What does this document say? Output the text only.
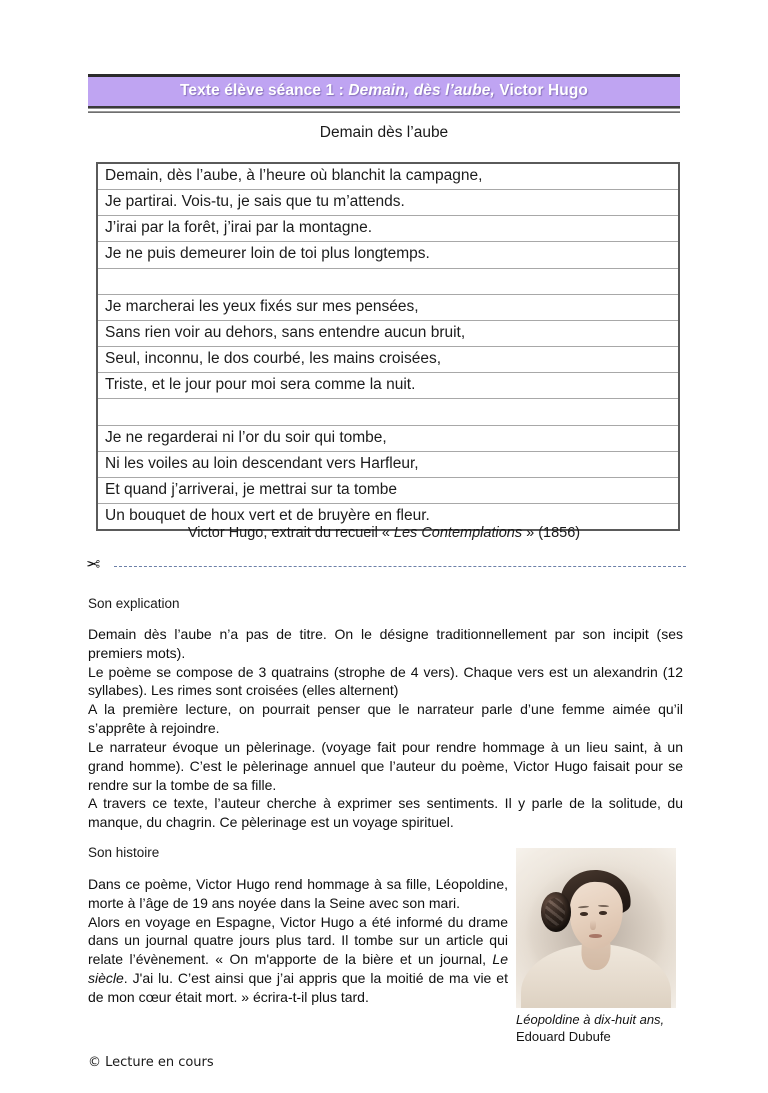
Texte élève séance 1 : Demain, dès l’aube, Victor Hugo
Demain dès l’aube
Demain, dès l’aube, à l’heure où blanchit la campagne,
Je partirai. Vois-tu, je sais que tu m’attends.
J’irai par la forêt, j’irai par la montagne.
Je ne puis demeurer loin de toi plus longtemps.

Je marcherai les yeux fixés sur mes pensées,
Sans rien voir au dehors, sans entendre aucun bruit,
Seul, inconnu, le dos courbé, les mains croisées,
Triste, et le jour pour moi sera comme la nuit.

Je ne regarderai ni l’or du soir qui tombe,
Ni les voiles au loin descendant vers Harfleur,
Et quand j’arriverai, je mettrai sur ta tombe
Un bouquet de houx vert et de bruyère en fleur.
Victor Hugo, extrait du recueil « Les Contemplations » (1856)
✂
Son explication

Demain dès l’aube n’a pas de titre. On le désigne traditionnellement par son incipit (ses premiers mots).

Le poème se compose de 3 quatrains (strophe de 4 vers). Chaque vers est un alexandrin (12 syllabes). Les rimes sont croisées (elles alternent)

A la première lecture, on pourrait penser que le narrateur parle d’une femme aimée qu’il s’apprête à rejoindre.

Le narrateur évoque un pèlerinage. (voyage fait pour rendre hommage à un lieu saint, à un grand homme). C’est le pèlerinage annuel que l’auteur du poème, Victor Hugo faisait pour se rendre sur la tombe de sa fille.

A travers ce texte, l’auteur cherche à exprimer ses sentiments. Il y parle de la solitude, du manque, du chagrin. Ce pèlerinage est un voyage spirituel.

Son histoire

Dans ce poème, Victor Hugo rend hommage à sa fille, Léopoldine, morte à l’âge de 19 ans noyée dans la Seine avec son mari.

Alors en voyage en Espagne, Victor Hugo a été informé du drame dans un journal quatre jours plus tard. Il tombe sur un article qui relate l’évènement. « On m'apporte de la bière et un journal, Le siècle. J'ai lu. C’est ainsi que j’ai appris que la moitié de ma vie et de mon cœur était mort. » écrira-t-il plus tard.

Léopoldine à dix-huit ans,
Edouard Dubufe
© Lecture en cours
